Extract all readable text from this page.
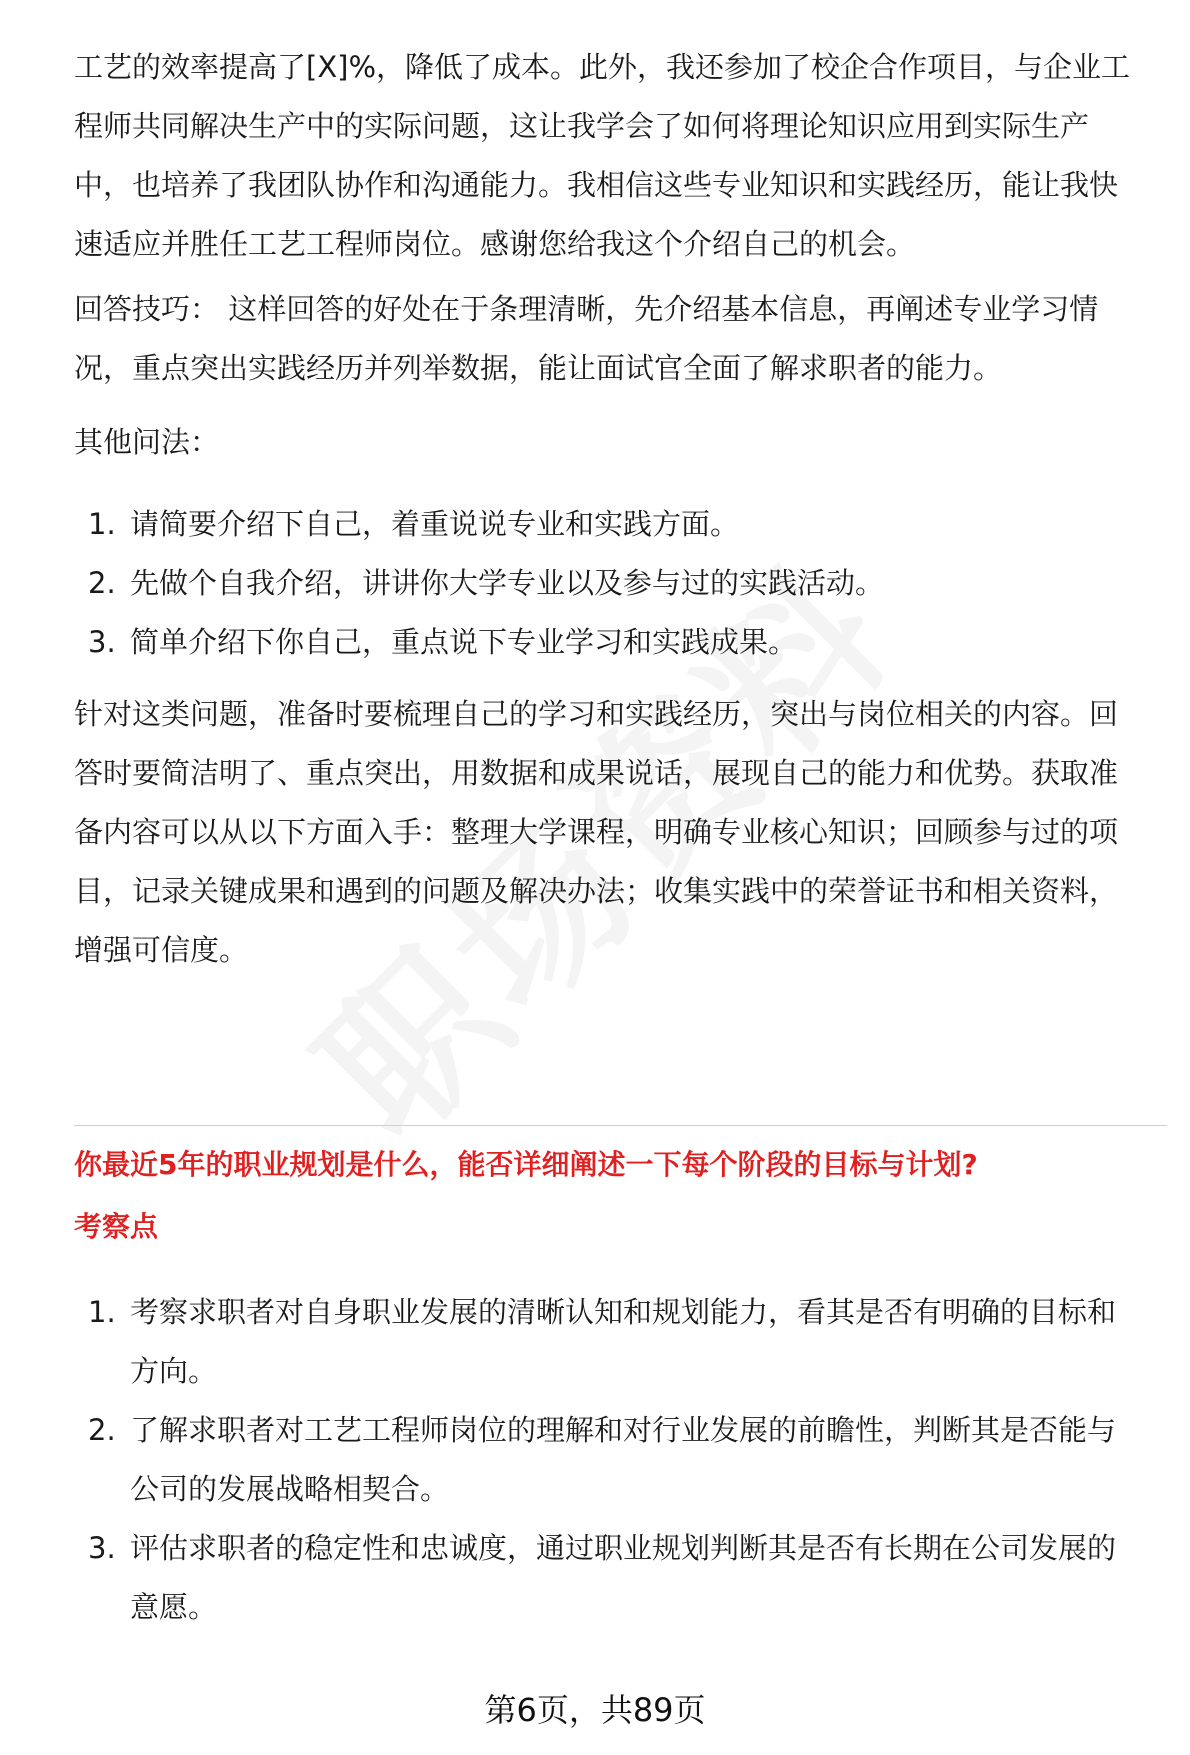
工艺的效率提高了[X]%，降低了成本。此外，我还参加了校企合作项目，与企业工程师共同解决生产中的实际问题，这让我学会了如何将理论知识应用到实际生产中，也培养了我团队协作和沟通能力。我相信这些专业知识和实践经历，能让我快速适应并胜任工艺工程师岗位。感谢您给我这个介绍自己的机会。

回答技巧： 这样回答的好处在于条理清晰，先介绍基本信息，再阐述专业学习情况，重点突出实践经历并列举数据，能让面试官全面了解求职者的能力。

其他问法：

1. 请简要介绍下自己，着重说说专业和实践方面。
2. 先做个自我介绍，讲讲你大学专业以及参与过的实践活动。
3. 简单介绍下你自己，重点说下专业学习和实践成果。

针对这类问题，准备时要梳理自己的学习和实践经历，突出与岗位相关的内容。回答时要简洁明了、重点突出，用数据和成果说话，展现自己的能力和优势。获取准备内容可以从以下方面入手：整理大学课程，明确专业核心知识；回顾参与过的项目，记录关键成果和遇到的问题及解决办法；收集实践中的荣誉证书和相关资料，增强可信度。

你最近5年的职业规划是什么，能否详细阐述一下每个阶段的目标与计划?
考察点
1. 考察求职者对自身职业发展的清晰认知和规划能力，看其是否有明确的目标和方向。
2. 了解求职者对工艺工程师岗位的理解和对行业发展的前瞻性，判断其是否能与公司的发展战略相契合。
3. 评估求职者的稳定性和忠诚度，通过职业规划判断其是否有长期在公司发展的意愿。
第6页，共89页
